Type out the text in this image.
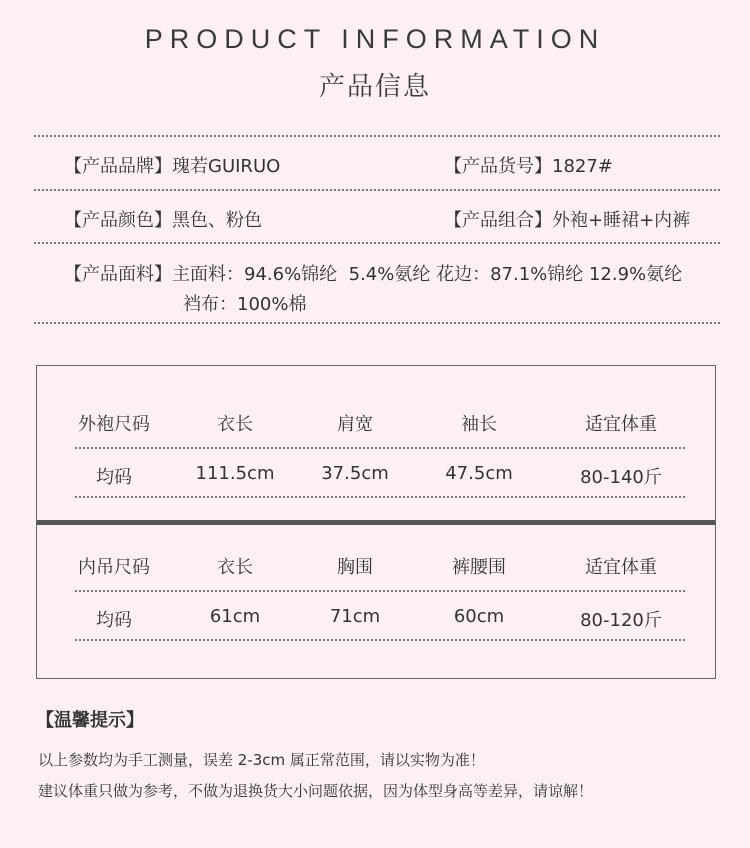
PRODUCT INFORMATION
产品信息
【产品品牌】瑰若GUIRUO	【产品货号】1827#
【产品颜色】黑色、粉色	【产品组合】外袍+睡裙+内裤
【产品面料】主面料：94.6%锦纶  5.4%氨纶 花边：87.1%锦纶 12.9%氨纶
裆布：100%棉
外袍尺码	衣长	肩宽	袖长	适宜体重
均码	111.5cm	37.5cm	47.5cm	80-140斤
内吊尺码	衣长	胸围	裤腰围	适宜体重
均码	61cm	71cm	60cm	80-120斤
【温馨提示】
以上参数均为手工测量，误差 2-3cm 属正常范围，请以实物为准！
建议体重只做为参考，不做为退换货大小问题依据，因为体型身高等差异，请谅解！
